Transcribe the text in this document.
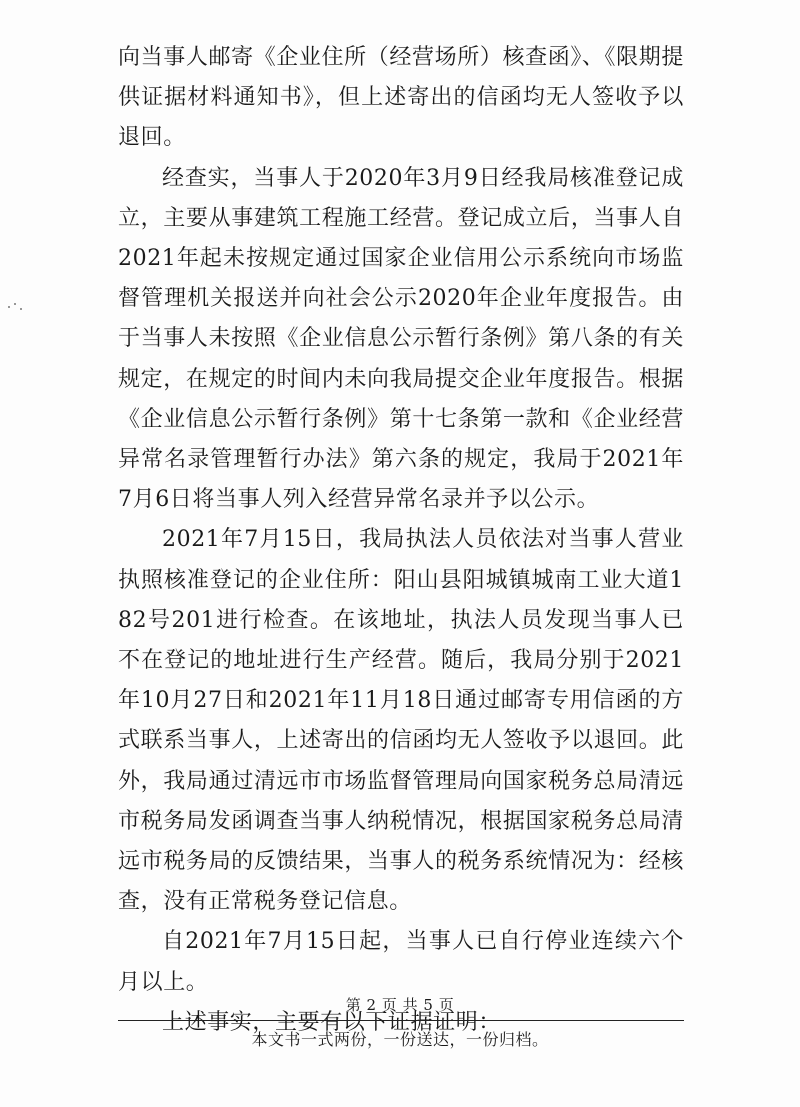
向当事人邮寄《企业住所（经营场所）核查函》、《限期提供证据材料通知书》，但上述寄出的信函均无人签收予以退回。

经查实，当事人于2020年3月9日经我局核准登记成立，主要从事建筑工程施工经营。登记成立后，当事人自2021年起未按规定通过国家企业信用公示系统向市场监督管理机关报送并向社会公示2020年企业年度报告。由于当事人未按照《企业信息公示暂行条例》第八条的有关规定，在规定的时间内未向我局提交企业年度报告。根据《企业信息公示暂行条例》第十七条第一款和《企业经营异常名录管理暂行办法》第六条的规定，我局于2021年7月6日将当事人列入经营异常名录并予以公示。

2021年7月15日，我局执法人员依法对当事人营业执照核准登记的企业住所：阳山县阳城镇城南工业大道182号201进行检查。在该地址，执法人员发现当事人已不在登记的地址进行生产经营。随后，我局分别于2021年10月27日和2021年11月18日通过邮寄专用信函的方式联系当事人，上述寄出的信函均无人签收予以退回。此外，我局通过清远市市场监督管理局向国家税务总局清远市税务局发函调查当事人纳税情况，根据国家税务总局清远市税务局的反馈结果，当事人的税务系统情况为：经核查，没有正常税务登记信息。

自2021年7月15日起，当事人已自行停业连续六个月以上。

上述事实，主要有以下证据证明：

第 2 页 共 5 页
本文书一式两份，一份送达，一份归档。
